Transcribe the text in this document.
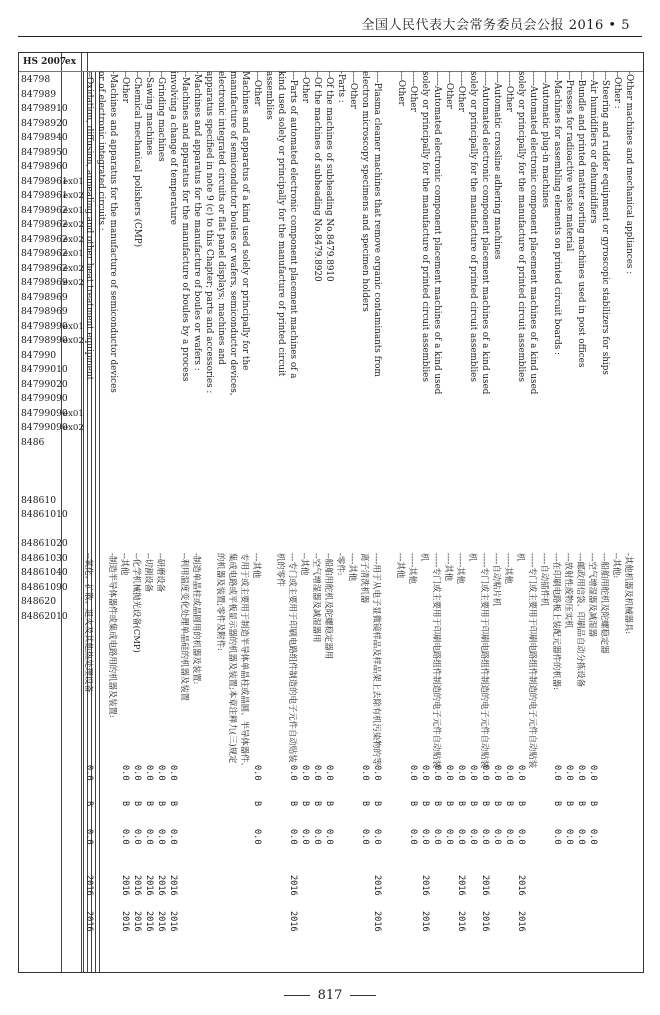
全国人民代表大会常务委员会公报 2016 • 5
HS 2007
ex
84798
847989
84798910
84798920
84798940
84798950
84798960
84798961
84798961
84798962
84798962
84798962
84798962
84798962
84798969
84798969
84798969
84798990
84798990
847990
84799010
84799020
84799090
84799090
84799090
8486
848610
84861010
84861020
84861030
84861040
84861090
848620
84862010
ex01
ex02
ex01
ex02
ex02
ex01
ex02
ex02
ex01
ex02
ex01
ex02
-Other machines and mechanical appliances :
--Other :
---Steering and rudder equipment or gyroscopic stabilizers for ships
---Air humidifiers or dehumidifiers
---Bundle and printed matter sorting machines used in post offices
---Presses for radioactive waste material
---Machines for assembling elements on printed circuit boards :
----Automatic plug-in machines
-----Automated electronic component placement machines of a kind used
solely or principally for the manufacture of printed circuit assemblies
-----Other
----Automatic crossline adhering machines
-----Automated electronic component placement machines of a kind used
solely or principally for the manufacture of printed circuit assemblies
-----Other
----Other
-----Automated electronic component placement machines of a kind used
solely or principally for the manufacture of printed circuit assemblies
-----Other
---Other
----Plasma cleaner machines that remove organic contaminants from
electron microscopy specimens and specimen holders
----Other
-Parts :
--Of the machines of subheading No.8479.8910
--Of the machines of subheading No.8479.8920
--Other
---Parts of automated electronic component placement machines of a
kind used solely or principally for the manufacture of printed circuit
assemblies
---Other
Machines and apparatus of a kind used solely or principally for the
manufacture of semiconductor boules or wafers, semiconductor devices,
electronic integrated circuits or flat panel displays; machines and
apparatus specified in note 9 (c) to this Chapter; parts and accessories :
-Machines and apparatus for the manufacture of boules or wafers :
--Machines and apparatus for the manufacture of boules by a process
involving a change of temperature
--Grinding machines
--Sawing machines
--Chemical mechanical polishers (CMP)
--Other
-Machines and apparatus for the manufacture of semiconductor devices
or of electronic integrated circuits :
--Oxidation, diffusion, annealing and other heat treatment equipment
-其他机器及机械器具:
--其他:
---船舶用舵机及陀螺稳定器
---空气增湿器及减湿器
---邮政用信袋、印刷品自动分拣设备
---放射性废物压实机
---在印刷电路板上装配元器件的机器:
----自动插件机
-----专门或主要用于印刷电路组件制造的电子元件自动贴装
机
-----其他
----自动粘片机
-----专门或主要用于印刷电路组件制造的电子元件自动贴装
机
-----其他
----其他
-----专门或主要用于印刷电路组件制造的电子元件自动贴装
机
-----其他
---其他
----用于从电子显微镜样品及样品架上去除有机污染物的等
离子清洗机器
----其他
-零件:
--船舶用舵机及陀螺稳定器用
--空气增湿器及减湿器用
--其他
---专门或主要用于印刷电路组件制造的电子元件自动贴装
机的零件
---其他
专用于或主要用于制造半导体单晶柱或晶圆、半导体器件、
集成电路或平板显示器的机器及装置;本章注释九(三)规定
的机器及装置;零件及附件:
-制造单晶柱或晶圆用的机器及装置:
--利用温度变化处理单晶硅的机器及装置
--研磨设备
--切割设备
--化学机械抛光设备(CMP)
--其他
-制造半导体器件或集成电路用的机器及装置:
--氧化、扩散、退火及其他热处理设备
0.0
0.0
0.0
0.0
0.0
0.0
0.0
0.0
0.0
0.0
0.0
0.0
0.0
0.0
0.0
0.0
0.0
0.0
0.0
0.0
0.0
0.0
0.0
0.0
0.0
0.0
0.0
B
B
B
B
B
B
B
B
B
B
B
B
B
B
B
B
B
B
B
B
B
B
B
B
B
B
B
0.0
0.0
0.0
0.0
0.0
0.0
0.0
0.0
0.0
0.0
0.0
0.0
0.0
0.0
0.0
0.0
0.0
0.0
0.0
0.0
0.0
0.0
0.0
0.0
0.0
0.0
0.0
2016
2016
2016
2016
2016
2016
2016
2016
2016
2016
2016
2016
2016
2016
2016
2016
2016
2016
2016
2016
2016
2016
2016
2016
817
